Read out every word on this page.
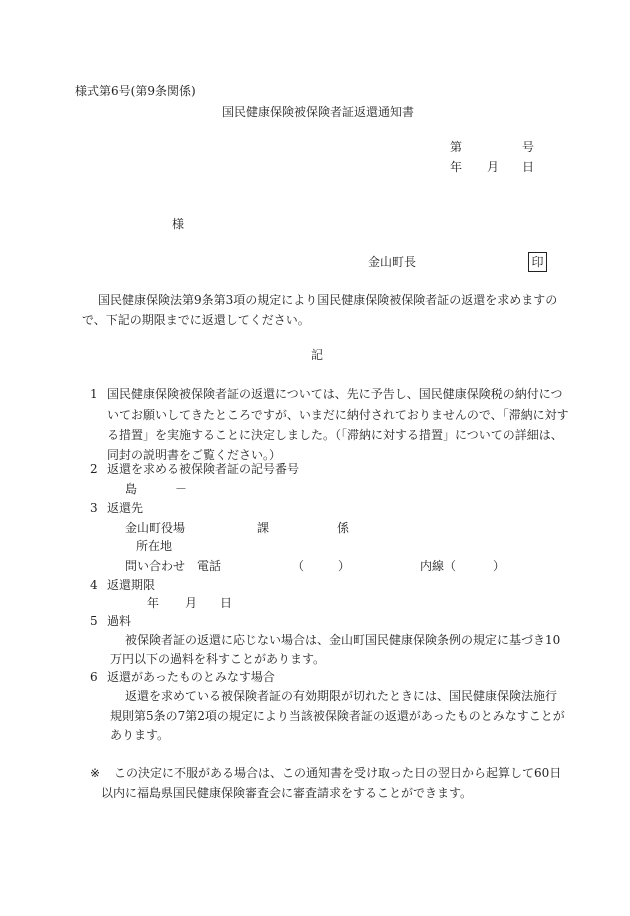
様式第6号(第9条関係)
国民健康保険被保険者証返還通知書
第	号
年 月 日
様
金山町長	印
国民健康保険法第9条第3項の規定により国民健康保険被保険者証の返還を求めますの
で、下記の期限までに返還してください。
記
1 国民健康保険被保険者証の返還については、先に予告し、国民健康保険税の納付につ
いてお願いしてきたところですが、いまだに納付されておりませんので、「滞納に対す
る措置」を実施することに決定しました。（「滞納に対する措置」についての詳細は、
同封の説明書をご覧ください。）
2 返還を求める被保険者証の記号番号
島	－
3 返還先
金山町役場	課	係
所在地
問い合わせ　電話	（	）	内線（	）
4 返還期限
年 月 日
5 過料
被保険者証の返還に応じない場合は、金山町国民健康保険条例の規定に基づき10
万円以下の過料を科すことがあります。
6 返還があったものとみなす場合
返還を求めている被保険者証の有効期限が切れたときには、国民健康保険法施行
規則第5条の7第2項の規定により当該被保険者証の返還があったものとみなすことが
あります。
※ この決定に不服がある場合は、この通知書を受け取った日の翌日から起算して60日
以内に福島県国民健康保険審査会に審査請求をすることができます。
